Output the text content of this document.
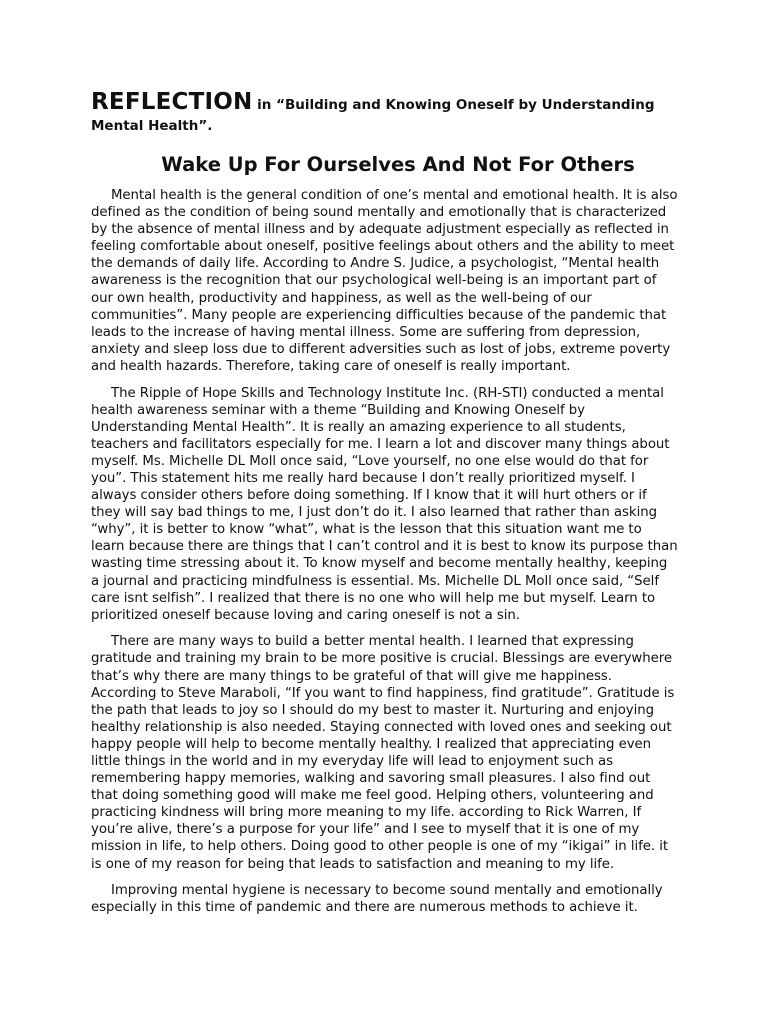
REFLECTION in “Building and Knowing Oneself by Understanding Mental Health”.

Wake Up For Ourselves And Not For Others

Mental health is the general condition of one’s mental and emotional health. It is also defined as the condition of being sound mentally and emotionally that is characterized by the absence of mental illness and by adequate adjustment especially as reflected in feeling comfortable about oneself, positive feelings about others and the ability to meet the demands of daily life. According to Andre S. Judice, a psychologist, “Mental health awareness is the recognition that our psychological well-being is an important part of our own health, productivity and happiness, as well as the well-being of our communities”. Many people are experiencing difficulties because of the pandemic that leads to the increase of having mental illness. Some are suffering from depression, anxiety and sleep loss due to different adversities such as lost of jobs, extreme poverty and health hazards. Therefore, taking care of oneself is really important.

The Ripple of Hope Skills and Technology Institute Inc. (RH-STI) conducted a mental health awareness seminar with a theme “Building and Knowing Oneself by Understanding Mental Health”. It is really an amazing experience to all students, teachers and facilitators especially for me. I learn a lot and discover many things about myself. Ms. Michelle DL Moll once said, “Love yourself, no one else would do that for you”. This statement hits me really hard because I don’t really prioritized myself. I always consider others before doing something. If I know that it will hurt others or if they will say bad things to me, I just don’t do it. I also learned that rather than asking “why”, it is better to know “what”, what is the lesson that this situation want me to learn because there are things that I can’t control and it is best to know its purpose than wasting time stressing about it. To know myself and become mentally healthy, keeping a journal and practicing mindfulness is essential. Ms. Michelle DL Moll once said, “Self care isnt selfish”. I realized that there is no one who will help me but myself. Learn to prioritized oneself because loving and caring oneself is not a sin.

There are many ways to build a better mental health. I learned that expressing gratitude and training my brain to be more positive is crucial. Blessings are everywhere that’s why there are many things to be grateful of that will give me happiness. According to Steve Maraboli, “If you want to find happiness, find gratitude”. Gratitude is the path that leads to joy so I should do my best to master it. Nurturing and enjoying healthy relationship is also needed. Staying connected with loved ones and seeking out happy people will help to become mentally healthy. I realized that appreciating even little things in the world and in my everyday life will lead to enjoyment such as remembering happy memories, walking and savoring small pleasures. I also find out that doing something good will make me feel good. Helping others, volunteering and practicing kindness will bring more meaning to my life. according to Rick Warren, If you’re alive, there’s a purpose for your life” and I see to myself that it is one of my mission in life, to help others. Doing good to other people is one of my “ikigai” in life. it is one of my reason for being that leads to satisfaction and meaning to my life.

Improving mental hygiene is necessary to become sound mentally and emotionally especially in this time of pandemic and there are numerous methods to achieve it.
